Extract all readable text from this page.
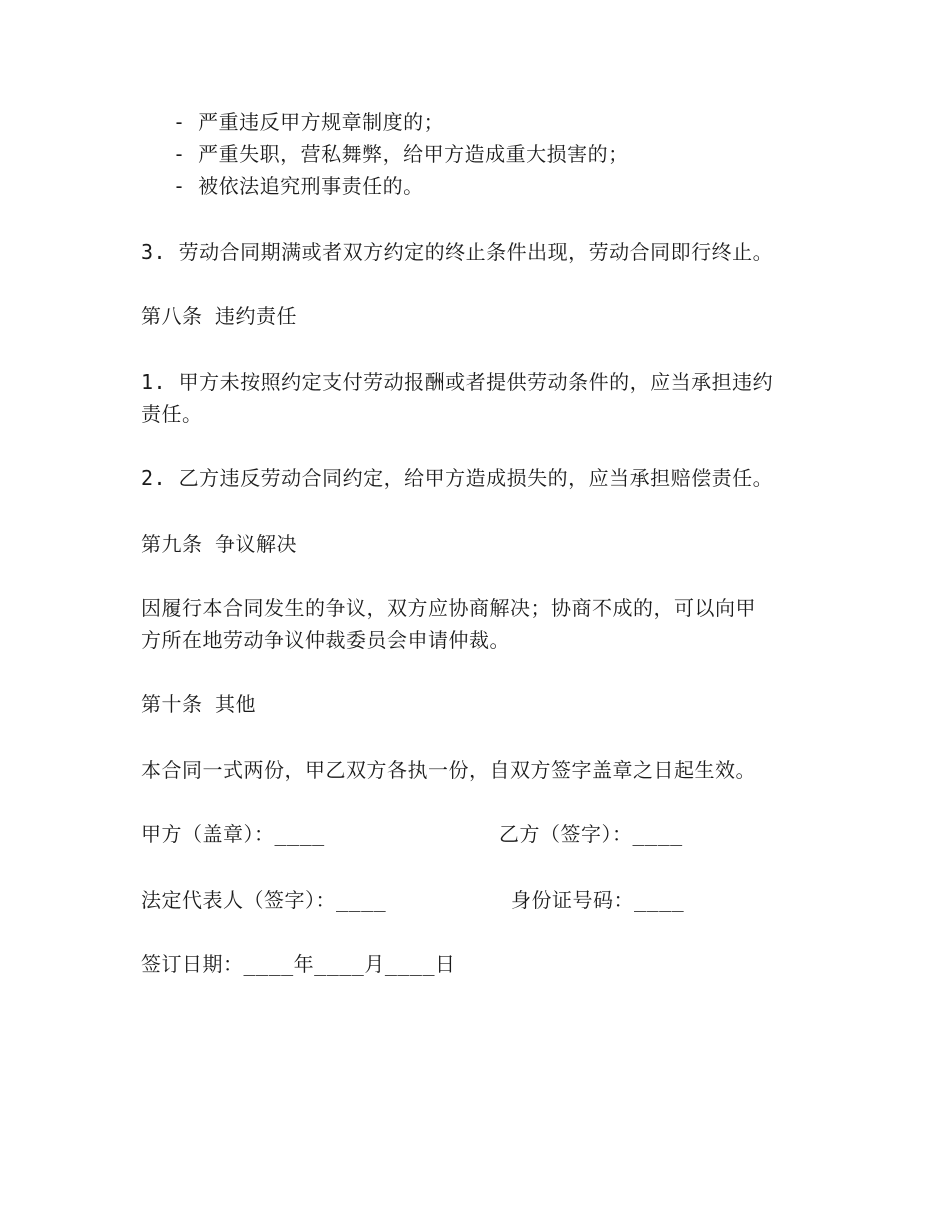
- 严重违反甲方规章制度的；
- 严重失职，营私舞弊，给甲方造成重大损害的；
- 被依法追究刑事责任的。
3. 劳动合同期满或者双方约定的终止条件出现，劳动合同即行终止。
第八条 违约责任
1. 甲方未按照约定支付劳动报酬或者提供劳动条件的，应当承担违约
责任。
2. 乙方违反劳动合同约定，给甲方造成损失的，应当承担赔偿责任。
第九条 争议解决
因履行本合同发生的争议，双方应协商解决；协商不成的，可以向甲
方所在地劳动争议仲裁委员会申请仲裁。
第十条 其他
本合同一式两份，甲乙双方各执一份，自双方签字盖章之日起生效。
甲方（盖章）：____	乙方（签字）：____
法定代表人（签字）：____	身份证号码：____
签订日期：____年____月____日
